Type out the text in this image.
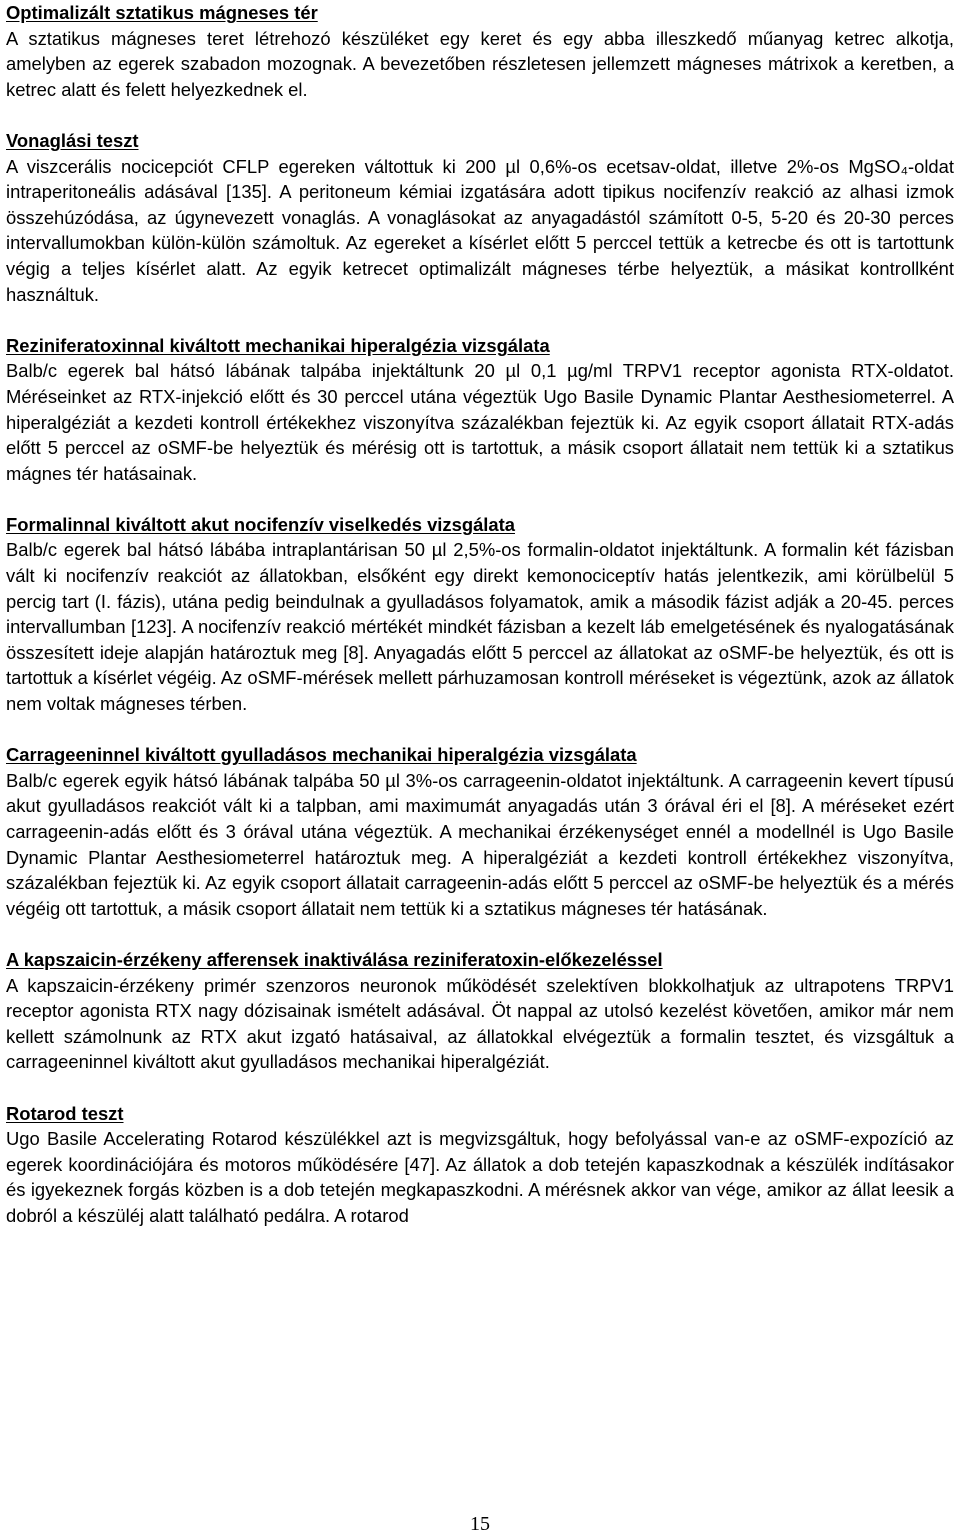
Optimalizált sztatikus mágneses tér
A sztatikus mágneses teret létrehozó készüléket egy keret és egy abba illeszkedő műanyag ketrec alkotja, amelyben az egerek szabadon mozognak. A bevezetőben részletesen jellemzett mágneses mátrixok a keretben, a ketrec alatt és felett helyezkednek el.
Vonaglási teszt
A viszcerális nocicepciót CFLP egereken váltottuk ki 200 µl 0,6%-os ecetsav-oldat, illetve 2%-os MgSO₄-oldat intraperitoneális adásával [135]. A peritoneum kémiai izgatására adott tipikus nocifenzív reakció az alhasi izmok összehúzódása, az úgynevezett vonaglás. A vonaglásokat az anyagadástól számított 0-5, 5-20 és 20-30 perces intervallumokban külön-külön számoltuk. Az egereket a kísérlet előtt 5 perccel tettük a ketrecbe és ott is tartottunk végig a teljes kísérlet alatt. Az egyik ketrecet optimalizált mágneses térbe helyeztük, a másikat kontrollként használtuk.
Reziniferatoxinnal kiváltott mechanikai hiperalgézia vizsgálata
Balb/c egerek bal hátsó lábának talpába injektáltunk 20 µl 0,1 µg/ml TRPV1 receptor agonista RTX-oldatot. Méréseinket az RTX-injekció előtt és 30 perccel utána végeztük Ugo Basile Dynamic Plantar Aesthesiometerrel. A hiperalgéziát a kezdeti kontroll értékekhez viszonyítva százalékban fejeztük ki. Az egyik csoport állatait RTX-adás előtt 5 perccel az oSMF-be helyeztük és mérésig ott is tartottuk, a másik csoport állatait nem tettük ki a sztatikus mágnes tér hatásainak.
Formalinnal kiváltott akut nocifenzív viselkedés vizsgálata
Balb/c egerek bal hátsó lábába intraplantárisan 50 µl 2,5%-os formalin-oldatot injektáltunk. A formalin két fázisban vált ki nocifenzív reakciót az állatokban, elsőként egy direkt kemonociceptív hatás jelentkezik, ami körülbelül 5 percig tart (I. fázis), utána pedig beindulnak a gyulladásos folyamatok, amik a második fázist adják a 20-45. perces intervallumban [123]. A nocifenzív reakció mértékét mindkét fázisban a kezelt láb emelgetésének és nyalogatásának összesített ideje alapján határoztuk meg [8]. Anyagadás előtt 5 perccel az állatokat az oSMF-be helyeztük, és ott is tartottuk a kísérlet végéig. Az oSMF-mérések mellett párhuzamosan kontroll méréseket is végeztünk, azok az állatok nem voltak mágneses térben.
Carrageeninnel kiváltott gyulladásos mechanikai hiperalgézia vizsgálata
Balb/c egerek egyik hátsó lábának talpába 50 µl 3%-os carrageenin-oldatot injektáltunk. A carrageenin kevert típusú akut gyulladásos reakciót vált ki a talpban, ami maximumát anyagadás után 3 órával éri el [8]. A méréseket ezért carrageenin-adás előtt és 3 órával utána végeztük. A mechanikai érzékenységet ennél a modellnél is Ugo Basile Dynamic Plantar Aesthesiometerrel határoztuk meg. A hiperalgéziát a kezdeti kontroll értékekhez viszonyítva, százalékban fejeztük ki. Az egyik csoport állatait carrageenin-adás előtt 5 perccel az oSMF-be helyeztük és a mérés végéig ott tartottuk, a másik csoport állatait nem tettük ki a sztatikus mágneses tér hatásának.
A kapszaicin-érzékeny afferensek inaktiválása reziniferatoxin-előkezeléssel
A kapszaicin-érzékeny primér szenzoros neuronok működését szelektíven blokkolhatjuk az ultrapotens TRPV1 receptor agonista RTX nagy dózisainak ismételt adásával. Öt nappal az utolsó kezelést követően, amikor már nem kellett számolnunk az RTX akut izgató hatásaival, az állatokkal elvégeztük a formalin tesztet, és vizsgáltuk a carrageeninnel kiváltott akut gyulladásos mechanikai hiperalgéziát.
Rotarod teszt
Ugo Basile Accelerating Rotarod készülékkel azt is megvizsgáltuk, hogy befolyással van-e az oSMF-expozíció az egerek koordinációjára és motoros működésére [47]. Az állatok a dob tetején kapaszkodnak a készülék indításakor és igyekeznek forgás közben is a dob tetején megkapaszkodni. A mérésnek akkor van vége, amikor az állat leesik a dobról a készüléj alatt található pedálra. A rotarod
15
